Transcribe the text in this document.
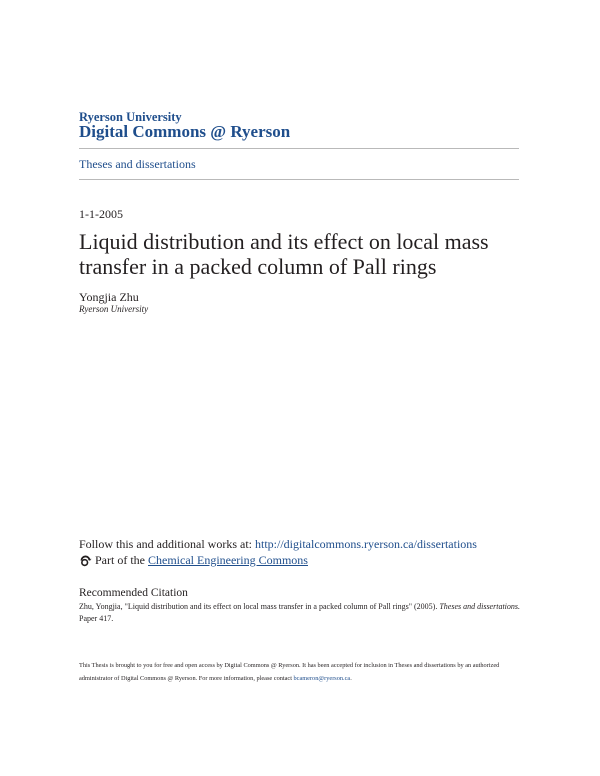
Ryerson University
Digital Commons @ Ryerson
Theses and dissertations
1-1-2005
Liquid distribution and its effect on local mass transfer in a packed column of Pall rings
Yongjia Zhu
Ryerson University
Follow this and additional works at: http://digitalcommons.ryerson.ca/dissertations
Part of the Chemical Engineering Commons
Recommended Citation
Zhu, Yongjia, "Liquid distribution and its effect on local mass transfer in a packed column of Pall rings" (2005). Theses and dissertations.
Paper 417.
This Thesis is brought to you for free and open access by Digital Commons @ Ryerson. It has been accepted for inclusion in Theses and dissertations by an authorized administrator of Digital Commons @ Ryerson. For more information, please contact bcameron@ryerson.ca.
